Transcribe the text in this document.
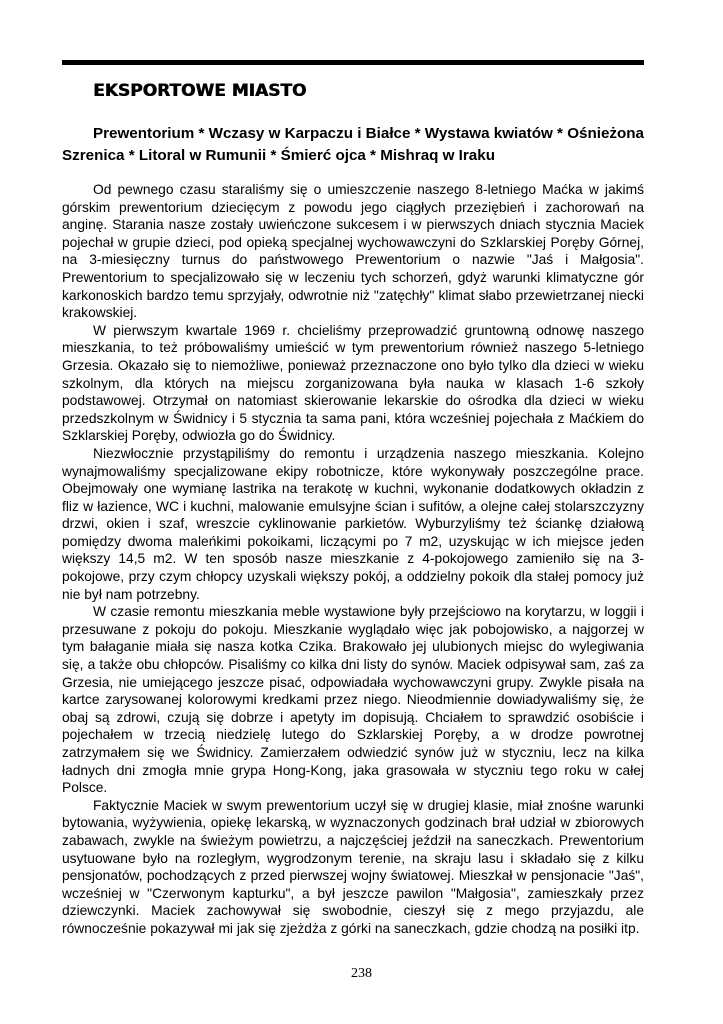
EKSPORTOWE MIASTO
Prewentorium * Wczasy w Karpaczu i Białce * Wystawa kwiatów * Ośnieżona Szrenica * Litoral w Rumunii * Śmierć ojca * Mishraq w Iraku

Od pewnego czasu staraliśmy się o umieszczenie naszego 8-letniego Maćka w jakimś górskim prewentorium dziecięcym z powodu jego ciągłych przeziębień i zachorowań na anginę. Starania nasze zostały uwieńczone sukcesem i w pierwszych dniach stycznia Maciek pojechał w grupie dzieci, pod opieką specjalnej wychowawczyni do Szklarskiej Poręby Górnej, na 3-miesięczny turnus do państwowego Prewentorium o nazwie "Jaś i Małgosia". Prewentorium to specjalizowało się w leczeniu tych schorzeń, gdyż warunki klimatyczne gór karkonoskich bardzo temu sprzyjały, odwrotnie niż "zatęchły" klimat słabo przewietrzanej niecki krakowskiej.

W pierwszym kwartale 1969 r. chcieliśmy przeprowadzić gruntowną odnowę naszego mieszkania, to też próbowaliśmy umieścić w tym prewentorium również naszego 5-letniego Grzesia. Okazało się to niemożliwe, ponieważ przeznaczone ono było tylko dla dzieci w wieku szkolnym, dla których na miejscu zorganizowana była nauka w klasach 1-6 szkoły podstawowej. Otrzymał on natomiast skierowanie lekarskie do ośrodka dla dzieci w wieku przedszkolnym w Świdnicy i 5 stycznia ta sama pani, która wcześniej pojechała z Maćkiem do Szklarskiej Poręby, odwiozła go do Świdnicy.

Niezwłocznie przystąpiliśmy do remontu i urządzenia naszego mieszkania. Kolejno wynajmowaliśmy specjalizowane ekipy robotnicze, które wykonywały poszczególne prace. Obejmowały one wymianę lastrika na terakotę w kuchni, wykonanie dodatkowych okładzin z fliz w łazience, WC i kuchni, malowanie emulsyjne ścian i sufitów, a olejne całej stolarszczyzny drzwi, okien i szaf, wreszcie cyklinowanie parkietów. Wyburzyliśmy też ściankę działową pomiędzy dwoma maleńkimi pokoikami, liczącymi po 7 m2, uzyskując w ich miejsce jeden większy 14,5 m2. W ten sposób nasze mieszkanie z 4-pokojowego zamieniło się na 3-pokojowe, przy czym chłopcy uzyskali większy pokój, a oddzielny pokoik dla stałej pomocy już nie był nam potrzebny.

W czasie remontu mieszkania meble wystawione były przejściowo na korytarzu, w loggii i przesuwane z pokoju do pokoju. Mieszkanie wyglądało więc jak pobojowisko, a najgorzej w tym bałaganie miała się nasza kotka Czika. Brakowało jej ulubionych miejsc do wylegiwania się, a także obu chłopców. Pisaliśmy co kilka dni listy do synów. Maciek odpisywał sam, zaś za Grzesia, nie umiejącego jeszcze pisać, odpowiadała wychowawczyni grupy. Zwykle pisała na kartce zarysowanej kolorowymi kredkami przez niego. Nieodmiennie dowiadywaliśmy się, że obaj są zdrowi, czują się dobrze i apetyty im dopisują. Chciałem to sprawdzić osobiście i pojechałem w trzecią niedzielę lutego do Szklarskiej Poręby, a w drodze powrotnej zatrzymałem się we Świdnicy. Zamierzałem odwiedzić synów już w styczniu, lecz na kilka ładnych dni zmogła mnie grypa Hong-Kong, jaka grasowała w styczniu tego roku w całej Polsce.

Faktycznie Maciek w swym prewentorium uczył się w drugiej klasie, miał znośne warunki bytowania, wyżywienia, opiekę lekarską, w wyznaczonych godzinach brał udział w zbiorowych zabawach, zwykle na świeżym powietrzu, a najczęściej jeździł na saneczkach. Prewentorium usytuowane było na rozległym, wygrodzonym terenie, na skraju lasu i składało się z kilku pensjonatów, pochodzących z przed pierwszej wojny światowej. Mieszkał w pensjonacie "Jaś", wcześniej w "Czerwonym kapturku", a był jeszcze pawilon "Małgosia", zamieszkały przez dziewczynki. Maciek zachowywał się swobodnie, cieszył się z mego przyjazdu, ale równocześnie pokazywał mi jak się zjeżdża z górki na saneczkach, gdzie chodzą na posiłki itp.

238
